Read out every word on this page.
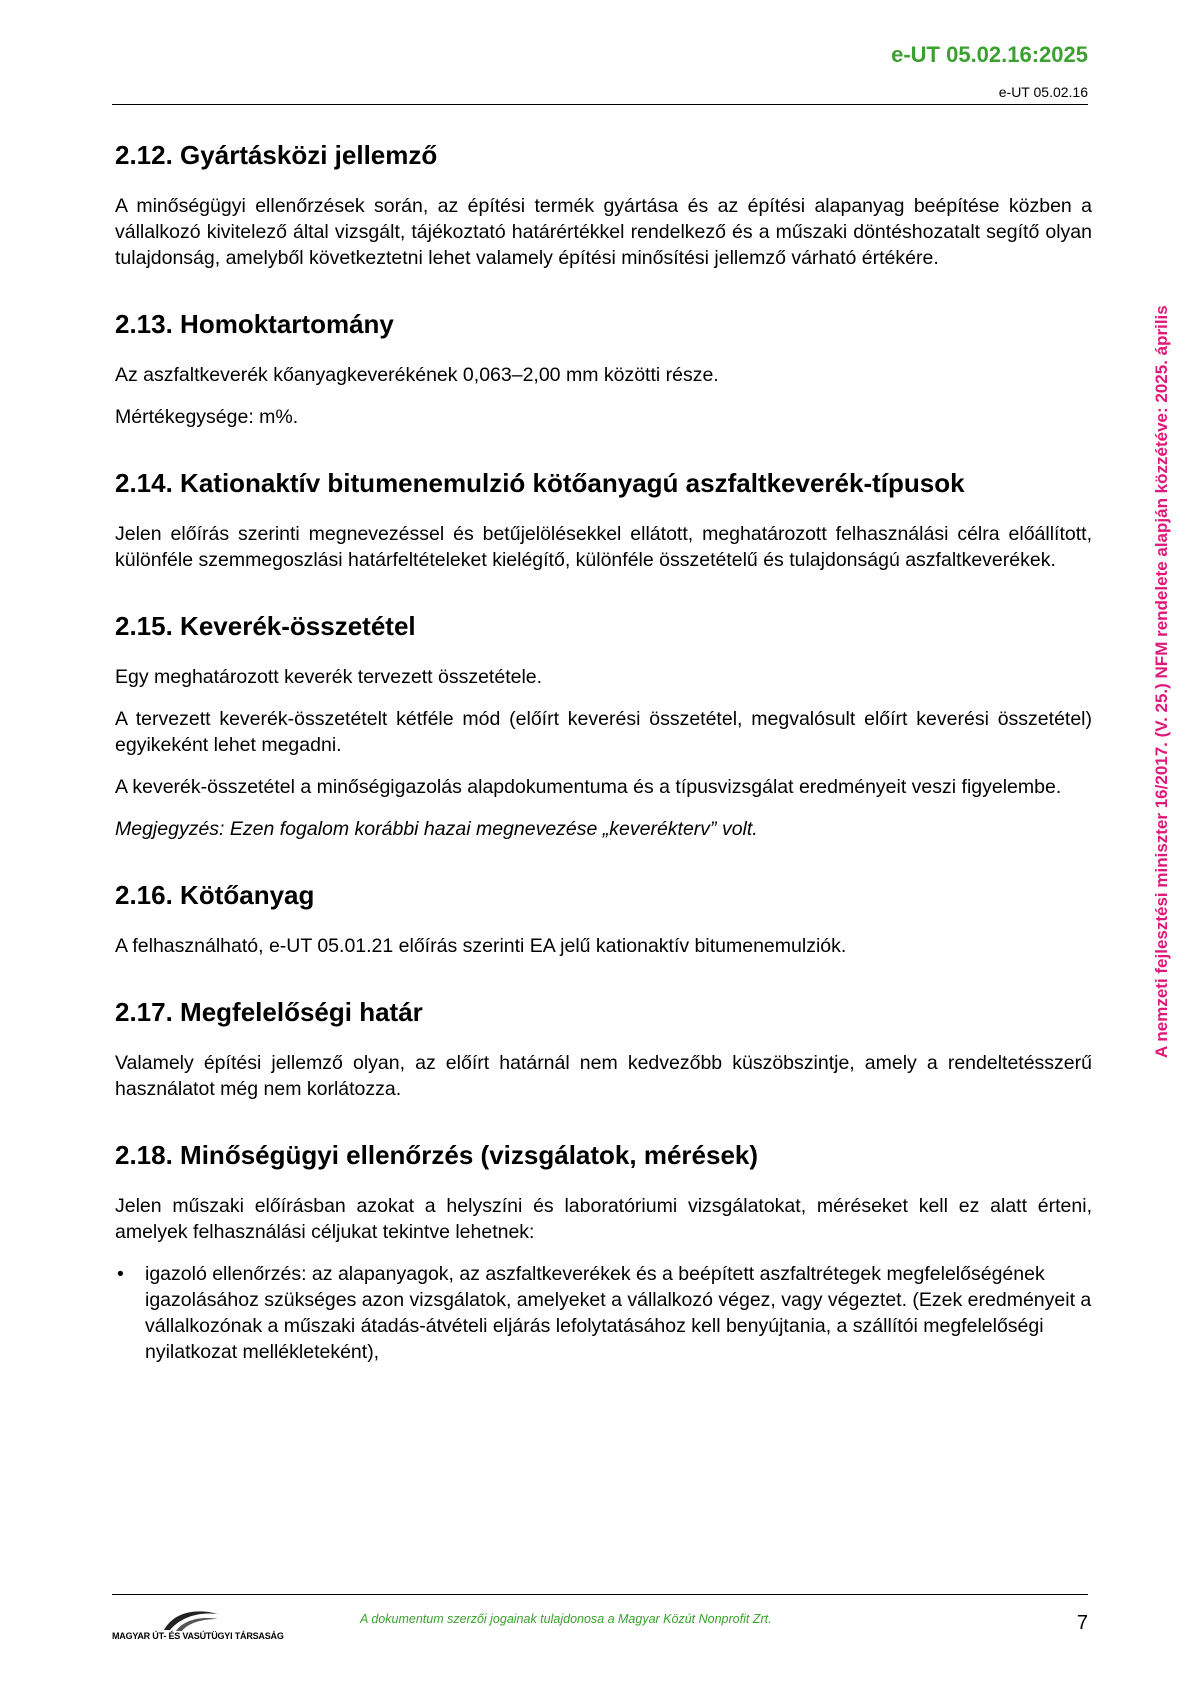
e-UT 05.02.16:2025
e-UT 05.02.16
A nemzeti fejlesztési miniszter 16/2017. (V. 25.) NFM rendelete alapján közzétéve: 2025. április
2.12. Gyártásközi jellemző

A minőségügyi ellenőrzések során, az építési termék gyártása és az építési alapanyag beépítése közben a vállalkozó kivitelező által vizsgált, tájékoztató határértékkel rendelkező és a műszaki döntéshozatalt segítő olyan tulajdonság, amelyből következtetni lehet valamely építési minősítési jellemző várható értékére.

2.13. Homoktartomány

Az aszfaltkeverék kőanyagkeverékének 0,063–2,00 mm közötti része.

Mértékegysége: m%.

2.14. Kationaktív bitumenemulzió kötőanyagú aszfaltkeverék-típusok

Jelen előírás szerinti megnevezéssel és betűjelölésekkel ellátott, meghatározott felhasználási célra előállított, különféle szemmegoszlási határfeltételeket kielégítő, különféle összetételű és tulajdonságú aszfaltkeverékek.

2.15. Keverék-összetétel

Egy meghatározott keverék tervezett összetétele.

A tervezett keverék-összetételt kétféle mód (előírt keverési összetétel, megvalósult előírt keverési összetétel) egyikeként lehet megadni.

A keverék-összetétel a minőségigazolás alapdokumentuma és a típusvizsgálat eredményeit veszi figyelembe.

Megjegyzés: Ezen fogalom korábbi hazai megnevezése „keverékterv” volt.

2.16. Kötőanyag

A felhasználható, e-UT 05.01.21 előírás szerinti EA jelű kationaktív bitumenemulziók.

2.17. Megfelelőségi határ

Valamely építési jellemző olyan, az előírt határnál nem kedvezőbb küszöbszintje, amely a rendeltetésszerű használatot még nem korlátozza.

2.18. Minőségügyi ellenőrzés (vizsgálatok, mérések)

Jelen műszaki előírásban azokat a helyszíni és laboratóriumi vizsgálatokat, méréseket kell ez alatt érteni, amelyek felhasználási céljukat tekintve lehetnek:

• igazoló ellenőrzés: az alapanyagok, az aszfaltkeverékek és a beépített aszfaltrétegek megfelelőségének igazolásához szükséges azon vizsgálatok, amelyeket a vállalkozó végez, vagy végeztet. (Ezek eredményeit a vállalkozónak a műszaki átadás-átvételi eljárás lefolytatásához kell benyújtania, a szállítói megfelelőségi nyilatkozat mellékleteként),
MAGYAR ÚT- ÉS VASÚTÜGYI TÁRSASÁG
A dokumentum szerzői jogainak tulajdonosa a Magyar Közút Nonprofit Zrt.	7
